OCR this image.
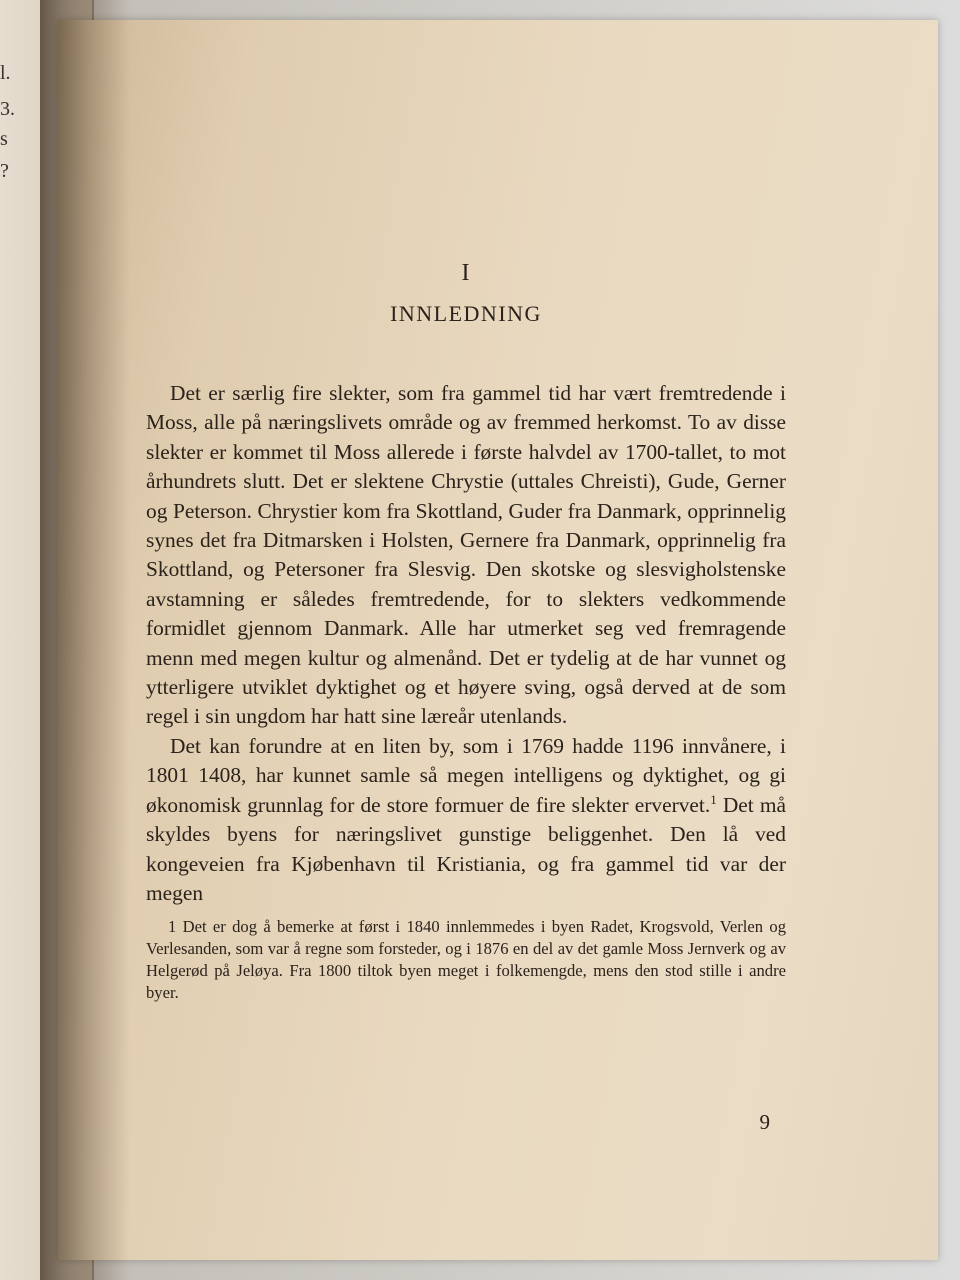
l.
3.
s
?
I
INNLEDNING

Det er særlig fire slekter, som fra gammel tid har vært fremtredende i Moss, alle på næringslivets område og av fremmed herkomst. To av disse slekter er kommet til Moss allerede i første halvdel av 1700-tallet, to mot århundrets slutt. Det er slektene Chrystie (uttales Chreisti), Gude, Gerner og Peterson. Chrystier kom fra Skottland, Guder fra Danmark, opprinnelig synes det fra Ditmarsken i Holsten, Gernere fra Danmark, opprinnelig fra Skottland, og Petersoner fra Slesvig. Den skotske og slesvigholstenske avstamning er således fremtredende, for to slekters vedkommende formidlet gjennom Danmark. Alle har utmerket seg ved fremragende menn med megen kultur og almenånd. Det er tydelig at de har vunnet og ytterligere utviklet dyktighet og et høyere sving, også derved at de som regel i sin ungdom har hatt sine læreår utenlands.

Det kan forundre at en liten by, som i 1769 hadde 1196 innvånere, i 1801 1408, har kunnet samle så megen intelligens og dyktighet, og gi økonomisk grunnlag for de store formuer de fire slekter ervervet.$^1$ Det må skyldes byens for næringslivet gunstige beliggenhet. Den lå ved kongeveien fra Kjøbenhavn til Kristiania, og fra gammel tid var der megen

1 Det er dog å bemerke at først i 1840 innlemmedes i byen Radet, Krogsvold, Verlen og Verlesanden, som var å regne som forsteder, og i 1876 en del av det gamle Moss Jernverk og av Helgerød på Jeløya. Fra 1800 tiltok byen meget i folkemengde, mens den stod stille i andre byer.

9
